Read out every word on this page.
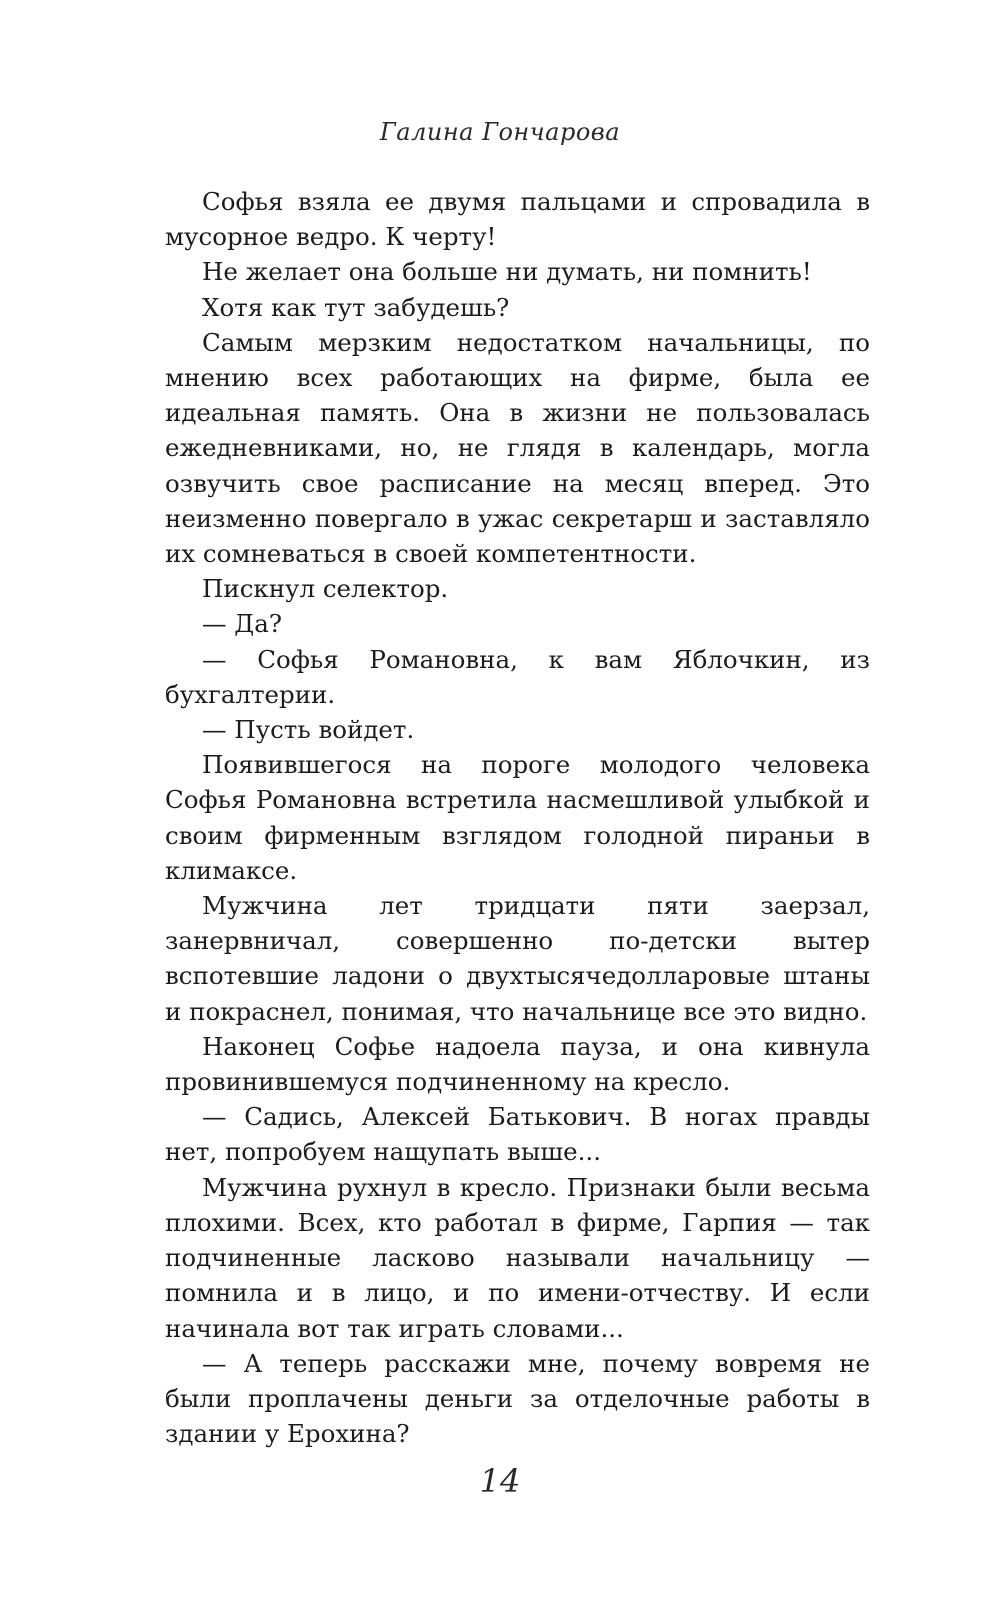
Галина Гончарова

Софья взяла ее двумя пальцами и спровадила в мусорное ведро. К черту!

Не желает она больше ни думать, ни помнить!

Хотя как тут забудешь?

Самым мерзким недостатком начальницы, по мнению всех работающих на фирме, была ее идеальная память. Она в жизни не пользовалась ежедневниками, но, не глядя в календарь, могла озвучить свое расписание на месяц вперед. Это неизменно повергало в ужас секретарш и заставляло их сомневаться в своей компетентности.

Пискнул селектор.

— Да?

— Софья Романовна, к вам Яблочкин, из бухгалтерии.

— Пусть войдет.

Появившегося на пороге молодого человека Софья Романовна встретила насмешливой улыбкой и своим фирменным взглядом голодной пираньи в климаксе.

Мужчина лет тридцати пяти заерзал, занервничал, совершенно по-детски вытер вспотевшие ладони о двухтысячедолларовые штаны и покраснел, понимая, что начальнице все это видно.

Наконец Софье надоела пауза, и она кивнула провинившемуся подчиненному на кресло.

— Садись, Алексей Батькович. В ногах правды нет, попробуем нащупать выше...

Мужчина рухнул в кресло. Признаки были весьма плохими. Всех, кто работал в фирме, Гарпия — так подчиненные ласково называли начальницу — помнила и в лицо, и по имени-отчеству. И если начинала вот так играть словами...

— А теперь расскажи мне, почему вовремя не были проплачены деньги за отделочные работы в здании у Ерохина?

14
